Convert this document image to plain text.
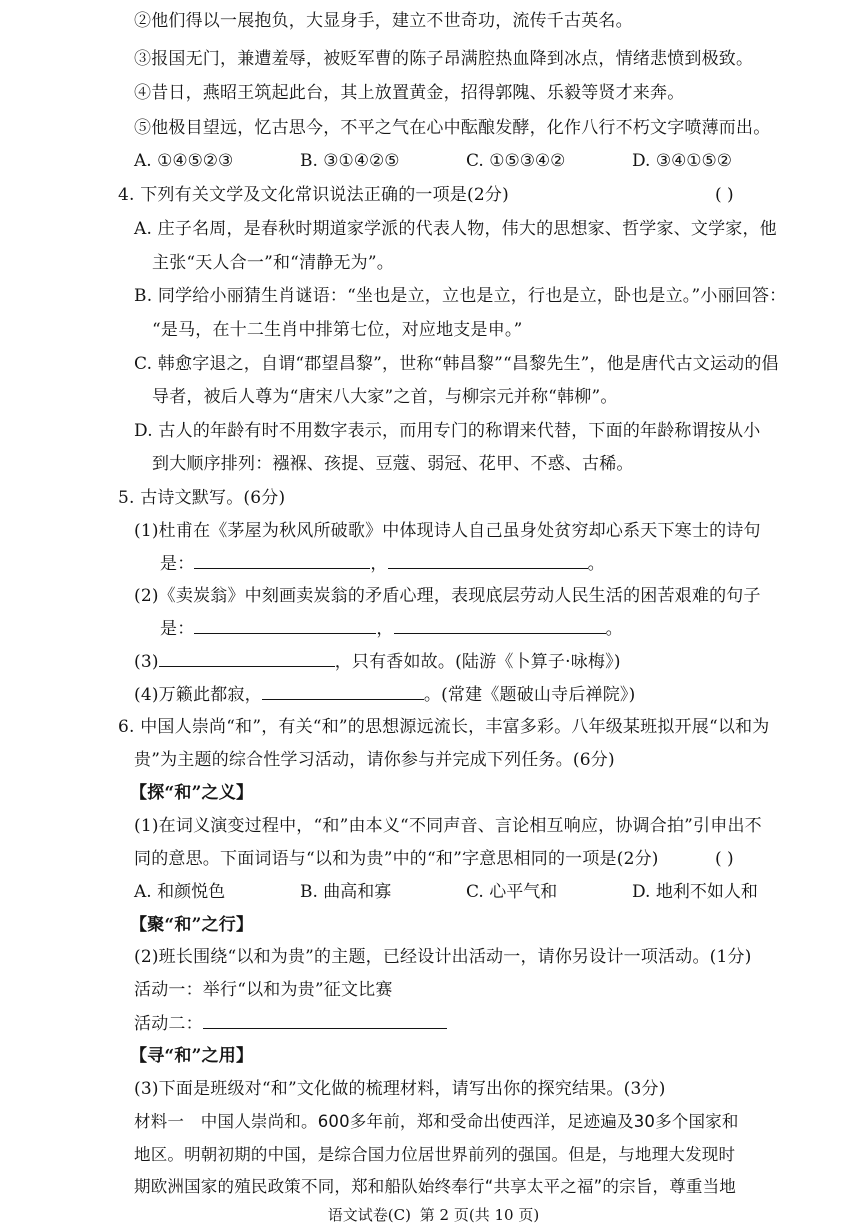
②他们得以一展抱负，大显身手，建立不世奇功，流传千古英名。
③报国无门，兼遭羞辱，被贬军曹的陈子昂满腔热血降到冰点，情绪悲愤到极致。
④昔日，燕昭王筑起此台，其上放置黄金，招得郭隗、乐毅等贤才来奔。
⑤他极目望远，忆古思今，不平之气在心中酝酿发酵，化作八行不朽文字喷薄而出。
A. ①④⑤②③	B. ③①④②⑤	C. ①⑤③④②	D. ③④①⑤②
4. 下列有关文学及文化常识说法正确的一项是(2分)	( )
A. 庄子名周，是春秋时期道家学派的代表人物，伟大的思想家、哲学家、文学家，他
主张“天人合一”和“清静无为”。
B. 同学给小丽猜生肖谜语：“坐也是立，立也是立，行也是立，卧也是立。”小丽回答：
“是马，在十二生肖中排第七位，对应地支是申。”
C. 韩愈字退之，自谓“郡望昌黎”，世称“韩昌黎”“昌黎先生”，他是唐代古文运动的倡
导者，被后人尊为“唐宋八大家”之首，与柳宗元并称“韩柳”。
D. 古人的年龄有时不用数字表示，而用专门的称谓来代替，下面的年龄称谓按从小
到大顺序排列：襁褓、孩提、豆蔻、弱冠、花甲、不惑、古稀。
5. 古诗文默写。(6分)
(1)杜甫在《茅屋为秋风所破歌》中体现诗人自己虽身处贫穷却心系天下寒士的诗句
是：	，	。
(2)《卖炭翁》中刻画卖炭翁的矛盾心理，表现底层劳动人民生活的困苦艰难的句子
是：	，	。
(3)	，只有香如故。(陆游《卜算子·咏梅》)
(4)万籁此都寂，	。(常建《题破山寺后禅院》)
6. 中国人崇尚“和”，有关“和”的思想源远流长，丰富多彩。八年级某班拟开展“以和为
贵”为主题的综合性学习活动，请你参与并完成下列任务。(6分)
【探“和”之义】
(1)在词义演变过程中，“和”由本义“不同声音、言论相互响应，协调合拍”引申出不
同的意思。下面词语与“以和为贵”中的“和”字意思相同的一项是(2分)	( )
A. 和颜悦色	B. 曲高和寡	C. 心平气和	D. 地利不如人和
【聚“和”之行】
(2)班长围绕“以和为贵”的主题，已经设计出活动一，请你另设计一项活动。(1分)
活动一：举行“以和为贵”征文比赛
活动二：
【寻“和”之用】
(3)下面是班级对“和”文化做的梳理材料，请写出你的探究结果。(3分)
材料一　中国人崇尚和。600多年前，郑和受命出使西洋，足迹遍及30多个国家和
地区。明朝初期的中国，是综合国力位居世界前列的强国。但是，与地理大发现时
期欧洲国家的殖民政策不同，郑和船队始终奉行“共享太平之福”的宗旨，尊重当地
语文试卷(C) 第 2 页(共 10 页)
